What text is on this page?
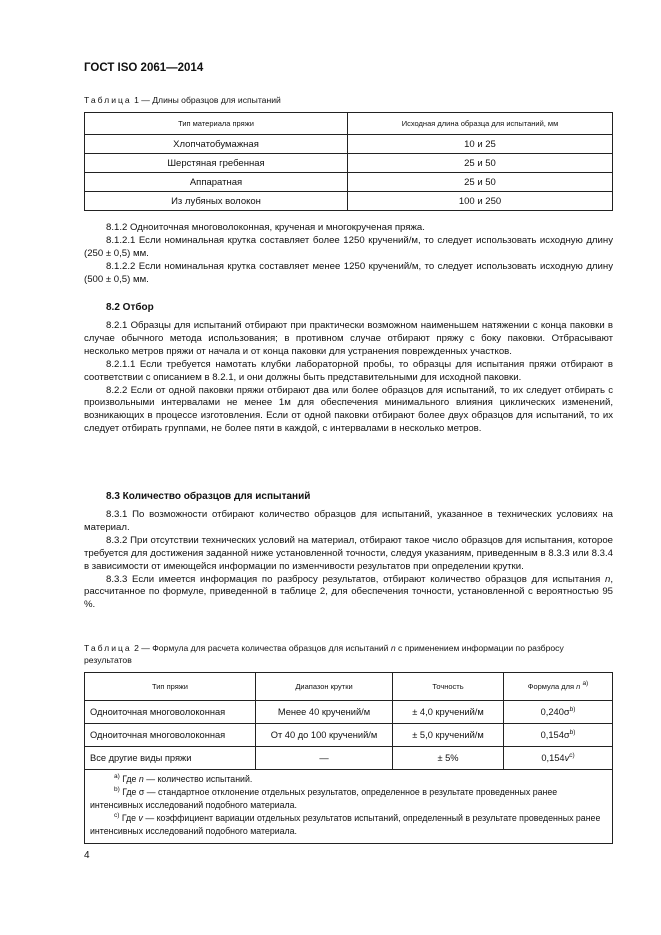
ГОСТ ISO 2061—2014
Таблица 1 — Длины образцов для испытаний
Тип материала пряжи	Исходная длина образца для испытаний, мм
Хлопчатобумажная	10 и 25
Шерстяная гребенная	25 и 50
Аппаратная	25 и 50
Из лубяных волокон	100 и 250

8.1.2 Одноиточная многоволоконная, крученая и многокрученая пряжа.

8.1.2.1 Если номинальная крутка составляет более 1250 кручений/м, то следует использовать исходную длину (250 ± 0,5) мм.

8.1.2.2 Если номинальная крутка составляет менее 1250 кручений/м, то следует использовать исходную длину (500 ± 0,5) мм.

8.2 Отбор

8.2.1 Образцы для испытаний отбирают при практически возможном наименьшем натяжении с конца паковки в случае обычного метода использования; в противном случае отбирают пряжу с боку паковки. Отбрасывают несколько метров пряжи от начала и от конца паковки для устранения поврежденных участков.

8.2.1.1 Если требуется намотать клубки лабораторной пробы, то образцы для испытания пряжи отбирают в соответствии с описанием в 8.2.1, и они должны быть представительными для исходной паковки.

8.2.2 Если от одной паковки пряжи отбирают два или более образцов для испытаний, то их следует отбирать с произвольными интервалами не менее 1м для обеспечения минимального влияния циклических изменений, возникающих в процессе изготовления. Если от одной паковки отбирают более двух образцов для испытаний, то их следует отбирать группами, не более пяти в каждой, с интервалами в несколько метров.

8.3 Количество образцов для испытаний

8.3.1 По возможности отбирают количество образцов для испытаний, указанное в технических условиях на материал.

8.3.2 При отсутствии технических условий на материал, отбирают такое число образцов для испытания, которое требуется для достижения заданной ниже установленной точности, следуя указаниям, приведенным в 8.3.3 или 8.3.4 в зависимости от имеющейся информации по изменчивости результатов при определении крутки.

8.3.3 Если имеется информация по разбросу результатов, отбирают количество образцов для испытания n, рассчитанное по формуле, приведенной в таблице 2, для обеспечения точности, установленной с вероятностью 95 %.

Таблица 2 — Формула для расчета количества образцов для испытаний n с применением информации по разбросу результатов
Тип пряжи	Диапазон крутки	Точность	Формула для n $^{a)}$
Одноиточная многоволоконная	Менее 40 кручений/м	± 4,0 кручений/м	$0,240\sigma^{b)}$
Одноиточная многоволоконная	От 40 до 100 кручений/м	± 5,0 кручений/м	$0,154\sigma^{b)}$
Все другие виды пряжи	—	± 5%	$0,154v^{c)}$

$^{a)}$ Где n — количество испытаний.

$^{b)}$ Где σ — стандартное отклонение отдельных результатов, определенное в результате проведенных ранее интенсивных исследований подобного материала.

$^{c)}$ Где v — коэффициент вариации отдельных результатов испытаний, определенный в результате проведенных ранее интенсивных исследований подобного материала.			

4
